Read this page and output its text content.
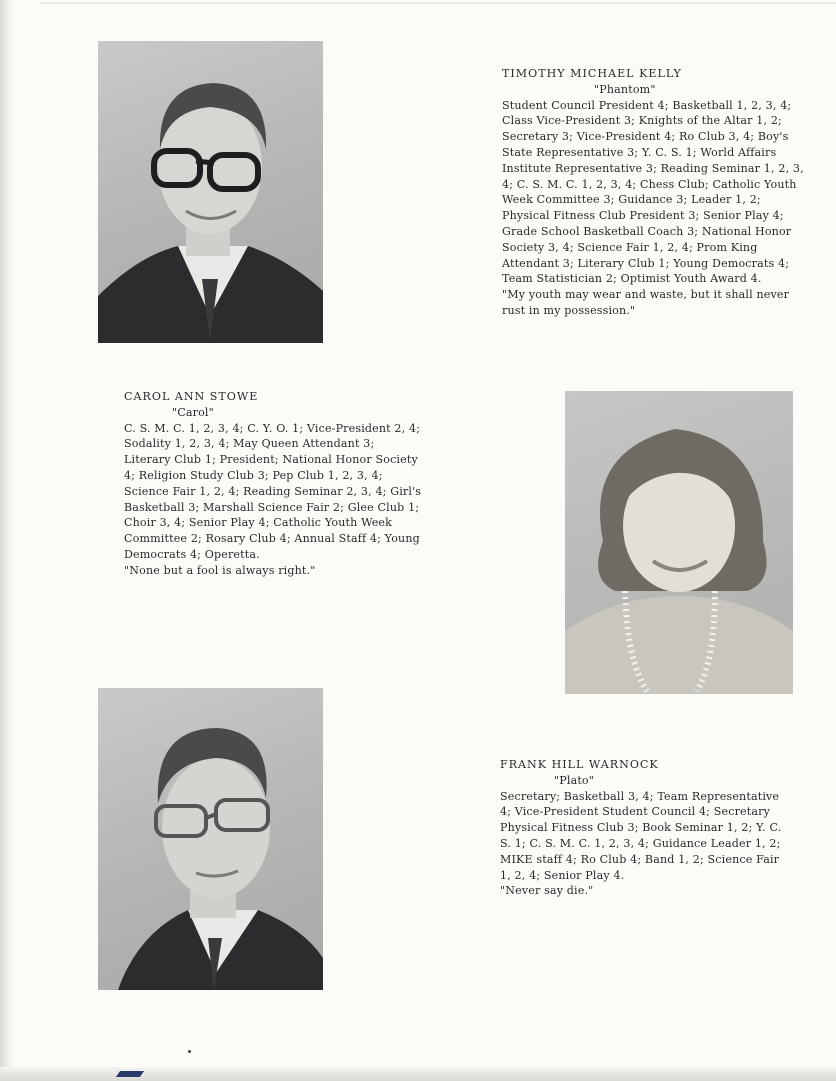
TIMOTHY MICHAEL KELLY
"Phantom"

Student Council President 4; Basketball 1, 2, 3, 4; Class Vice-President 3; Knights of the Altar 1, 2; Secretary 3; Vice-President 4; Ro Club 3, 4; Boy's State Representative 3; Y. C. S. 1; World Affairs Institute Representative 3; Reading Seminar 1, 2, 3, 4; C. S. M. C. 1, 2, 3, 4; Chess Club; Catholic Youth Week Committee 3; Guidance 3; Leader 1, 2; Physical Fitness Club President 3; Senior Play 4; Grade School Basketball Coach 3; National Honor Society 3, 4; Science Fair 1, 2, 4; Prom King Attendant 3; Literary Club 1; Young Democrats 4; Team Statistician 2; Optimist Youth Award 4.

"My youth may wear and waste, but it shall never rust in my possession."

CAROL ANN STOWE
"Carol"

C. S. M. C. 1, 2, 3, 4; C. Y. O. 1; Vice-President 2, 4; Sodality 1, 2, 3, 4; May Queen Attendant 3; Literary Club 1; President; National Honor Society 4; Religion Study Club 3; Pep Club 1, 2, 3, 4; Science Fair 1, 2, 4; Reading Seminar 2, 3, 4; Girl's Basketball 3; Marshall Science Fair 2; Glee Club 1; Choir 3, 4; Senior Play 4; Catholic Youth Week Committee 2; Rosary Club 4; Annual Staff 4; Young Democrats 4; Operetta.

"None but a fool is always right."

FRANK HILL WARNOCK
"Plato"

Secretary; Basketball 3, 4; Team Representative 4; Vice-President Student Council 4; Secretary Physical Fitness Club 3; Book Seminar 1, 2; Y. C. S. 1; C. S. M. C. 1, 2, 3, 4; Guidance Leader 1, 2; MIKE staff 4; Ro Club 4; Band 1, 2; Science Fair 1, 2, 4; Senior Play 4.

"Never say die."
